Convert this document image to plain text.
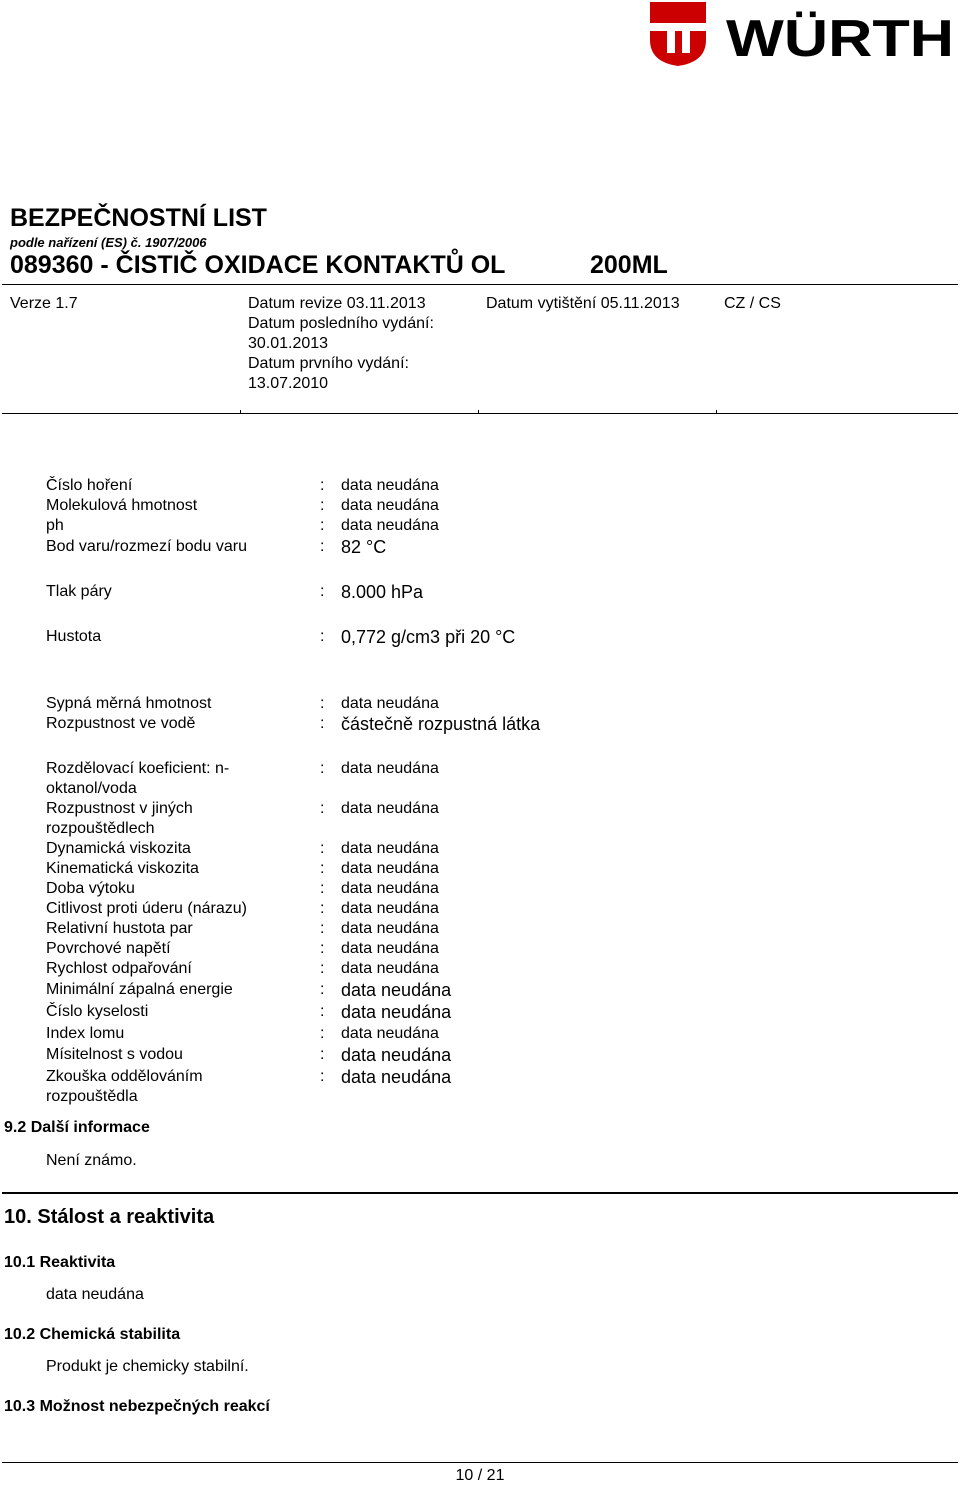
WÜRTH
BEZPEČNOSTNÍ LIST
podle nařízení (ES) č. 1907/2006
089360 - ČISTIČ OXIDACE KONTAKTŮ OL	200ML
Verze 1.7	Datum revize 03.11.2013
Datum posledního vydání:
30.01.2013
Datum prvního vydání:
13.07.2010
Datum vytištění 05.11.2013	CZ / CS
Číslo hoření	: data neudána
Molekulová hmotnost	: data neudána
ph	: data neudána
Bod varu/rozmezí bodu varu	: 82 °C
Tlak páry	: 8.000 hPa
Hustota	: 0,772 g/cm3 při 20 °C
Sypná měrná hmotnost	: data neudána
Rozpustnost ve vodě	: částečně rozpustná látka
Rozdělovací koeficient: n-
oktanol/voda
: data neudána
Rozpustnost v jiných
rozpouštědlech
: data neudána
Dynamická viskozita	: data neudána
Kinematická viskozita	: data neudána
Doba výtoku	: data neudána
Citlivost proti úderu (nárazu)	: data neudána
Relativní hustota par	: data neudána
Povrchové napětí	: data neudána
Rychlost odpařování	: data neudána
Minimální zápalná energie	: data neudána
Číslo kyselosti	: data neudána
Index lomu	: data neudána
Mísitelnost s vodou	: data neudána
Zkouška oddělováním
rozpouštědla
: data neudána
9.2 Další informace
Není známo.
10. Stálost a reaktivita
10.1 Reaktivita
data neudána
10.2 Chemická stabilita
Produkt je chemicky stabilní.
10.3 Možnost nebezpečných reakcí
10 / 21
